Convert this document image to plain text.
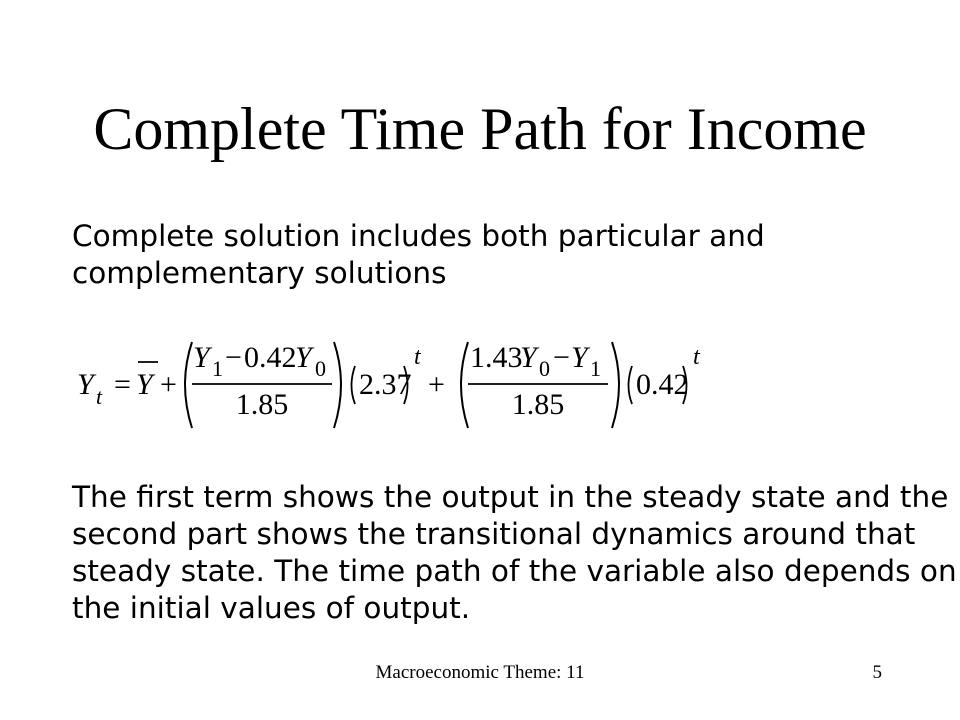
Complete Time Path for Income
Complete solution includes both particular and
complementary solutions
Y t = Y +
Y 1 − 0.42
Y 0
1.85
2.37
t
+
1.43
Y 0 − Y 1
1.85
0.42
t
The first term shows the output in the steady state and the
second part shows the transitional dynamics around that
steady state. The time path of the variable also depends on
the initial values of output.
Macroeconomic Theme: 11	5
